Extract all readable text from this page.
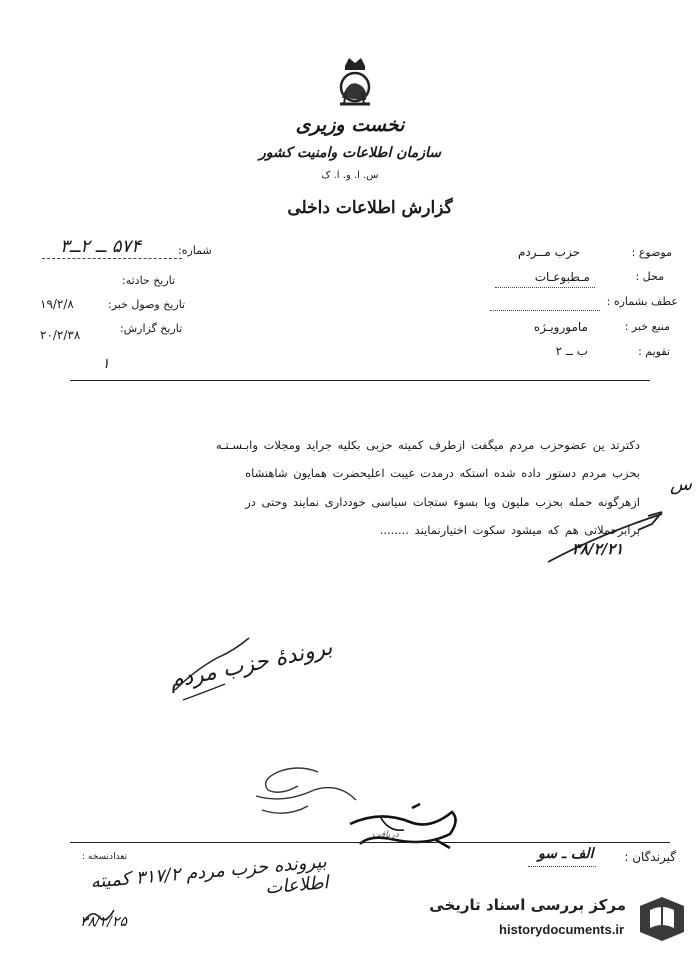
نخست وزیری
سازمان اطلاعات وامنیت کشور
س. ا. و. ا. ک
گزارش اطلاعات داخلی
موضوع :
حزب مــردم
محل :
مـطبوعـات
عطف بشماره :
منبع خبر :
مامورویـژه
تقویم :
ب ــ ۲
شماره:
۵۷۴ ــ ۲ــ۳
تاریخ حادثه:
تاریخ وصول خبر:
۱۹/۲/۸
تاریخ گزارش:
۲۰/۲/۳۸
۱
دکترتد ین عضوحزب مردم میگفت ازطرف کمیته حزبی بکلیه جراید ومجلات وابـسـتـه
بحزب مردم دستور داده شده استکه درمدت غیبت اعلیحضرت همایون شاهنشاه
ازهرگونه حمله بحزب ملیون ویا بسوء ستجات سیاسی خودداری نمایند وحتی در
برابرحملاتی هم که میشود سکوت اختیارنمایند ........
س
۳۸/۲/۲۱
بروندۀ حزب مردم
دریافت
گیرندگان :
الف ـ سو
تعدادنسخه :
بپرونده حزب مردم ۳۱۷/۲ کمیته اطلاعات
۳۸/۲/۲۵
مرکز بررسی اسناد تاریخی
historydocuments.ir
